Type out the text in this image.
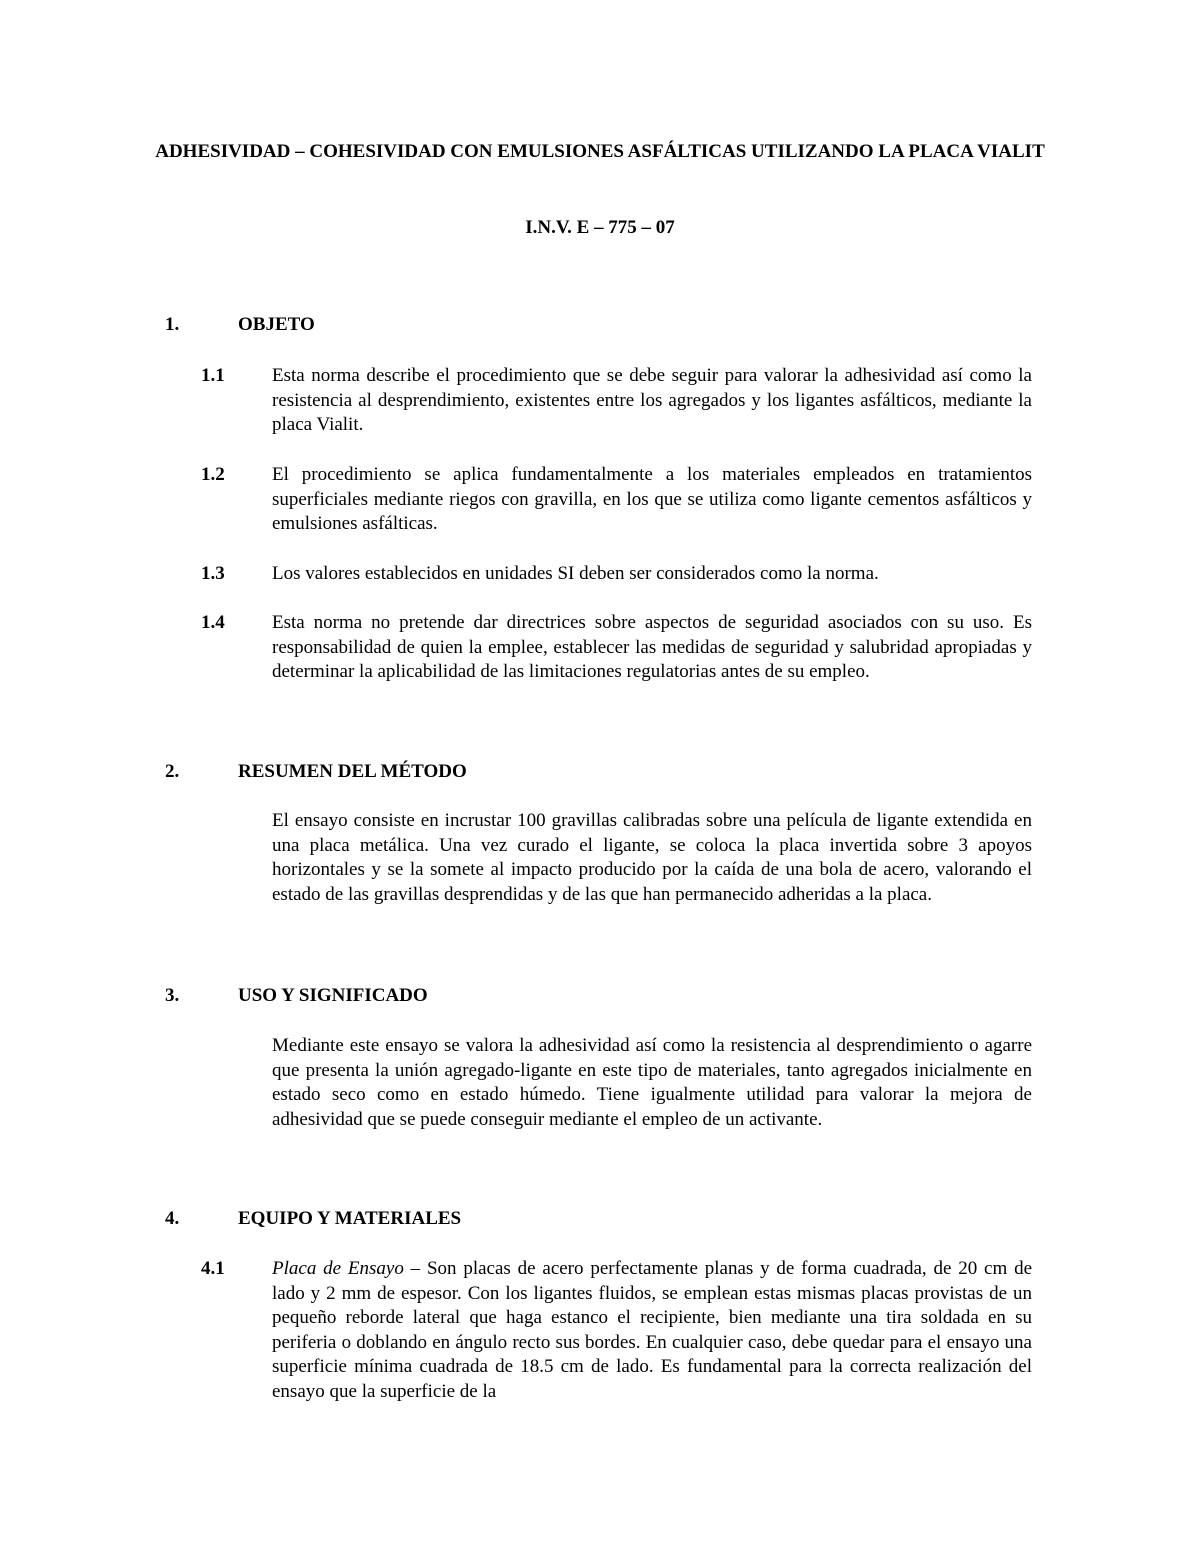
ADHESIVIDAD – COHESIVIDAD CON EMULSIONES ASFÁLTICAS UTILIZANDO LA PLACA VIALIT
I.N.V. E – 775 – 07
1.	OBJETO
1.1 Esta norma describe el procedimiento que se debe seguir para valorar la adhesividad así como la resistencia al desprendimiento, existentes entre los agregados y los ligantes asfálticos, mediante la placa Vialit.
1.2 El procedimiento se aplica fundamentalmente a los materiales empleados en tratamientos superficiales mediante riegos con gravilla, en los que se utiliza como ligante cementos asfálticos y emulsiones asfálticas.
1.3 Los valores establecidos en unidades SI deben ser considerados como la norma.
1.4 Esta norma no pretende dar directrices sobre aspectos de seguridad asociados con su uso. Es responsabilidad de quien la emplee, establecer las medidas de seguridad y salubridad apropiadas y determinar la aplicabilidad de las limitaciones regulatorias antes de su empleo.
2.	RESUMEN DEL MÉTODO
El ensayo consiste en incrustar 100 gravillas calibradas sobre una película de ligante extendida en una placa metálica. Una vez curado el ligante, se coloca la placa invertida sobre 3 apoyos horizontales y se la somete al impacto producido por la caída de una bola de acero, valorando el estado de las gravillas desprendidas y de las que han permanecido adheridas a la placa.
3.	USO Y SIGNIFICADO
Mediante este ensayo se valora la adhesividad así como la resistencia al desprendimiento o agarre que presenta la unión agregado-ligante en este tipo de materiales, tanto agregados inicialmente en estado seco como en estado húmedo. Tiene igualmente utilidad para valorar la mejora de adhesividad que se puede conseguir mediante el empleo de un activante.
4.	EQUIPO Y MATERIALES
4.1 Placa de Ensayo – Son placas de acero perfectamente planas y de forma cuadrada, de 20 cm de lado y 2 mm de espesor. Con los ligantes fluidos, se emplean estas mismas placas provistas de un pequeño reborde lateral que haga estanco el recipiente, bien mediante una tira soldada en su periferia o doblando en ángulo recto sus bordes. En cualquier caso, debe quedar para el ensayo una superficie mínima cuadrada de 18.5 cm de lado. Es fundamental para la correcta realización del ensayo que la superficie de la
